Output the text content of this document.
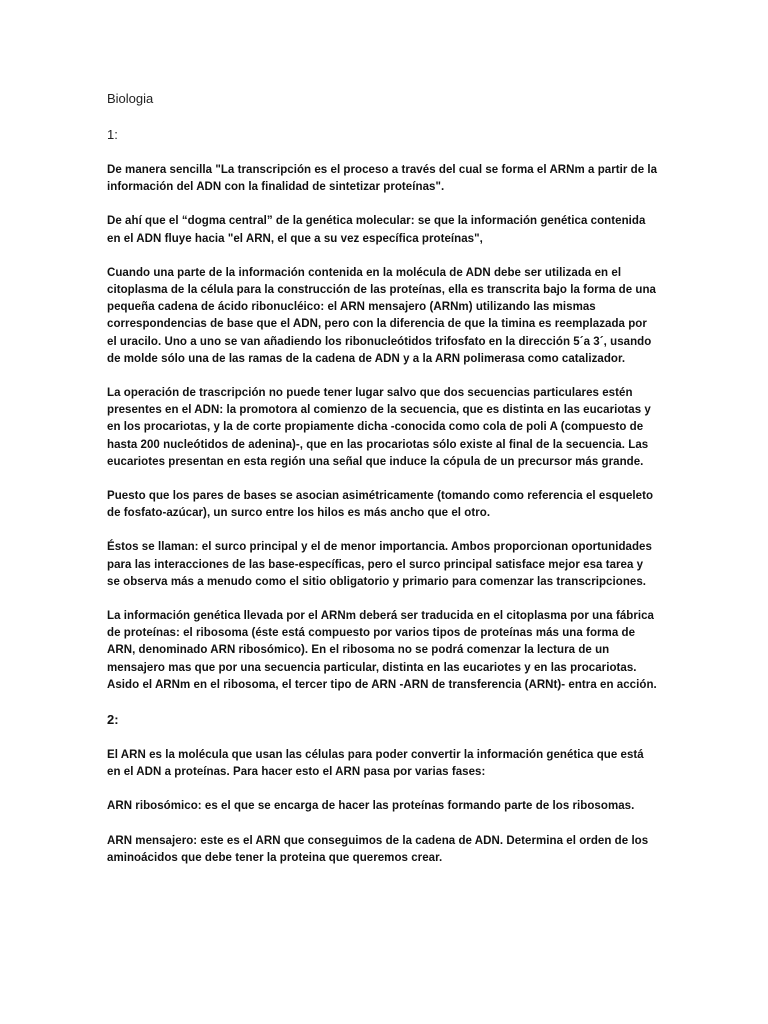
Biologia
1:

De manera sencilla "La transcripción es el proceso a través del cual se forma el ARNm a partir de la información del ADN con la finalidad de sintetizar proteínas".

De ahí que el “dogma central” de la genética molecular: se que la información genética contenida en el ADN fluye hacia "el ARN, el que a su vez específica proteínas",

Cuando una parte de la información contenida en la molécula de ADN debe ser utilizada en el citoplasma de la célula para la construcción de las proteínas, ella es transcrita bajo la forma de una pequeña cadena de ácido ribonucléico: el ARN mensajero (ARNm) utilizando las mismas correspondencias de base que el ADN, pero con la diferencia de que la timina es reemplazada por el uracilo. Uno a uno se van añadiendo los ribonucleótidos trifosfato en la dirección 5´a 3´, usando de molde sólo una de las ramas de la cadena de ADN y a la ARN polimerasa como catalizador.

La operación de trascripción no puede tener lugar salvo que dos secuencias particulares estén presentes en el ADN: la promotora al comienzo de la secuencia, que es distinta en las eucariotas y en los procariotas, y la de corte propiamente dicha -conocida como cola de poli A (compuesto de hasta 200 nucleótidos de adenina)-, que en las procariotas sólo existe al final de la secuencia. Las eucariotes presentan en esta región una señal que induce la cópula de un precursor más grande.

Puesto que los pares de bases se asocian asimétricamente (tomando como referencia el esqueleto de fosfato-azúcar), un surco entre los hilos es más ancho que el otro.

Éstos se llaman: el surco principal y el de menor importancia. Ambos proporcionan oportunidades para las interacciones de las base-específicas, pero el surco principal satisface mejor esa tarea y se observa más a menudo como el sitio obligatorio y primario para comenzar las transcripciones.

La información genética llevada por el ARNm deberá ser traducida en el citoplasma por una fábrica de proteínas: el ribosoma (éste está compuesto por varios tipos de proteínas más una forma de ARN, denominado ARN ribosómico). En el ribosoma no se podrá comenzar la lectura de un mensajero mas que por una secuencia particular, distinta en las eucariotes y en las procariotas. Asido el ARNm en el ribosoma, el tercer tipo de ARN -ARN de transferencia (ARNt)- entra en acción.

2:

El ARN es la molécula que usan las células para poder convertir la información genética que está en el ADN a proteínas. Para hacer esto el ARN pasa por varias fases:

ARN ribosómico: es el que se encarga de hacer las proteínas formando parte de los ribosomas.

ARN mensajero: este es el ARN que conseguimos de la cadena de ADN. Determina el orden de los aminoácidos que debe tener la proteina que queremos crear.
